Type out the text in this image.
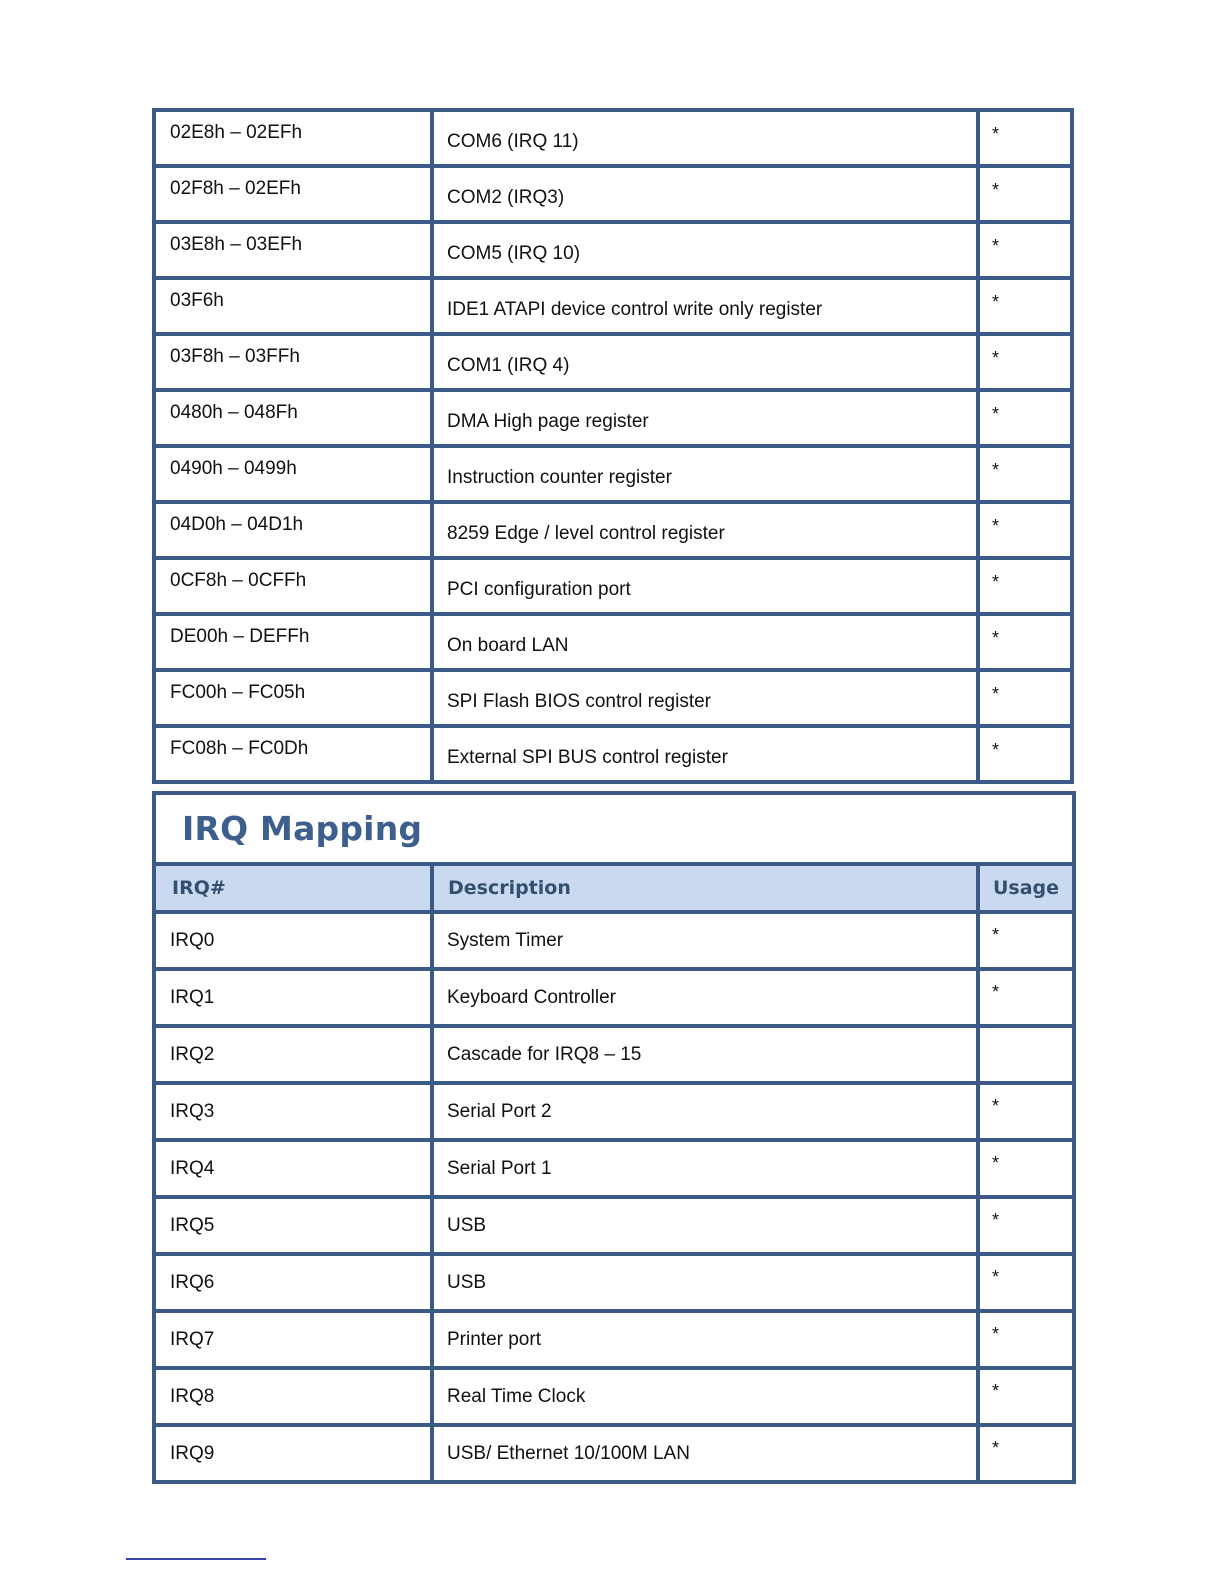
02E8h – 02EFh	COM6 (IRQ 11)	*
02F8h – 02EFh	COM2 (IRQ3)	*
03E8h – 03EFh	COM5 (IRQ 10)	*
03F6h	IDE1 ATAPI device control write only register	*
03F8h – 03FFh	COM1 (IRQ 4)	*
0480h – 048Fh	DMA High page register	*
0490h – 0499h	Instruction counter register	*
04D0h – 04D1h	8259 Edge / level control register	*
0CF8h – 0CFFh	PCI configuration port	*
DE00h – DEFFh	On board LAN	*
FC00h – FC05h	SPI Flash BIOS control register	*
FC08h – FC0Dh	External SPI BUS control register	*
IRQ Mapping		
IRQ#	Description	Usage
IRQ0	System Timer	*
IRQ1	Keyboard Controller	*
IRQ2	Cascade for IRQ8 – 15	
IRQ3	Serial Port 2	*
IRQ4	Serial Port 1	*
IRQ5	USB	*
IRQ6	USB	*
IRQ7	Printer port	*
IRQ8	Real Time Clock	*
IRQ9	USB/ Ethernet 10/100M LAN	*
